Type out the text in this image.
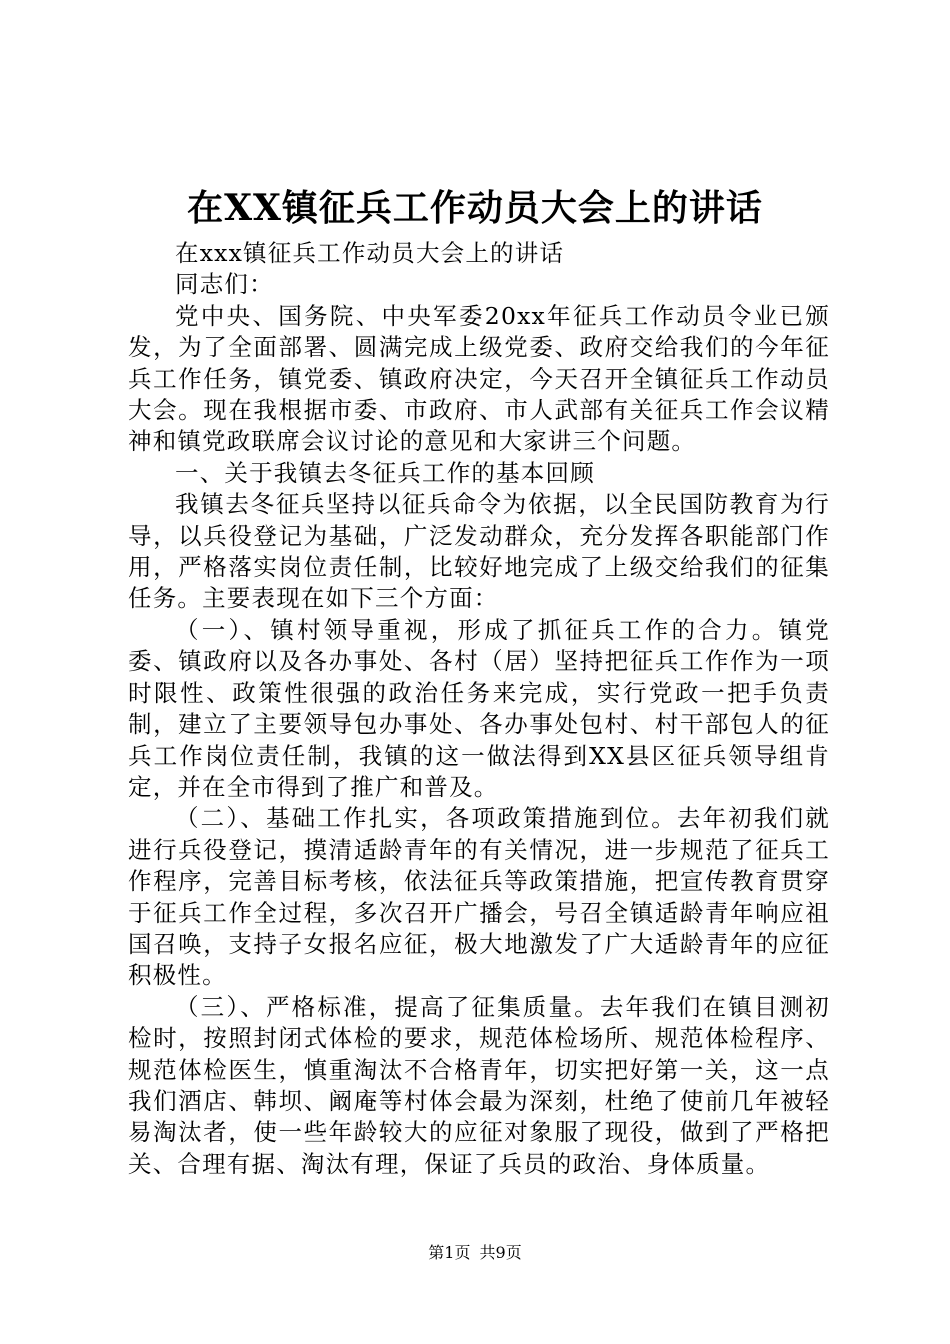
在XX镇征兵工作动员大会上的讲话

在xxx镇征兵工作动员大会上的讲话

同志们：

党中央、国务院、中央军委20xx年征兵工作动员令业已颁发，为了全面部署、圆满完成上级党委、政府交给我们的今年征兵工作任务，镇党委、镇政府决定，今天召开全镇征兵工作动员大会。现在我根据市委、市政府、市人武部有关征兵工作会议精神和镇党政联席会议讨论的意见和大家讲三个问题。

一、关于我镇去冬征兵工作的基本回顾

我镇去冬征兵坚持以征兵命令为依据，以全民国防教育为行导，以兵役登记为基础，广泛发动群众，充分发挥各职能部门作用，严格落实岗位责任制，比较好地完成了上级交给我们的征集任务。主要表现在如下三个方面：

（一）、镇村领导重视，形成了抓征兵工作的合力。镇党委、镇政府以及各办事处、各村（居）坚持把征兵工作作为一项时限性、政策性很强的政治任务来完成，实行党政一把手负责制，建立了主要领导包办事处、各办事处包村、村干部包人的征兵工作岗位责任制，我镇的这一做法得到XX县区征兵领导组肯定，并在全市得到了推广和普及。

（二）、基础工作扎实，各项政策措施到位。去年初我们就进行兵役登记，摸清适龄青年的有关情况，进一步规范了征兵工作程序，完善目标考核，依法征兵等政策措施，把宣传教育贯穿于征兵工作全过程，多次召开广播会，号召全镇适龄青年响应祖国召唤，支持子女报名应征，极大地激发了广大适龄青年的应征积极性。

（三）、严格标准，提高了征集质量。去年我们在镇目测初检时，按照封闭式体检的要求，规范体检场所、规范体检程序、规范体检医生，慎重淘汰不合格青年，切实把好第一关，这一点我们酒店、韩坝、阚庵等村体会最为深刻，杜绝了使前几年被轻易淘汰者，使一些年龄较大的应征对象服了现役，做到了严格把关、合理有据、淘汰有理，保证了兵员的政治、身体质量。

第1页 共9页
